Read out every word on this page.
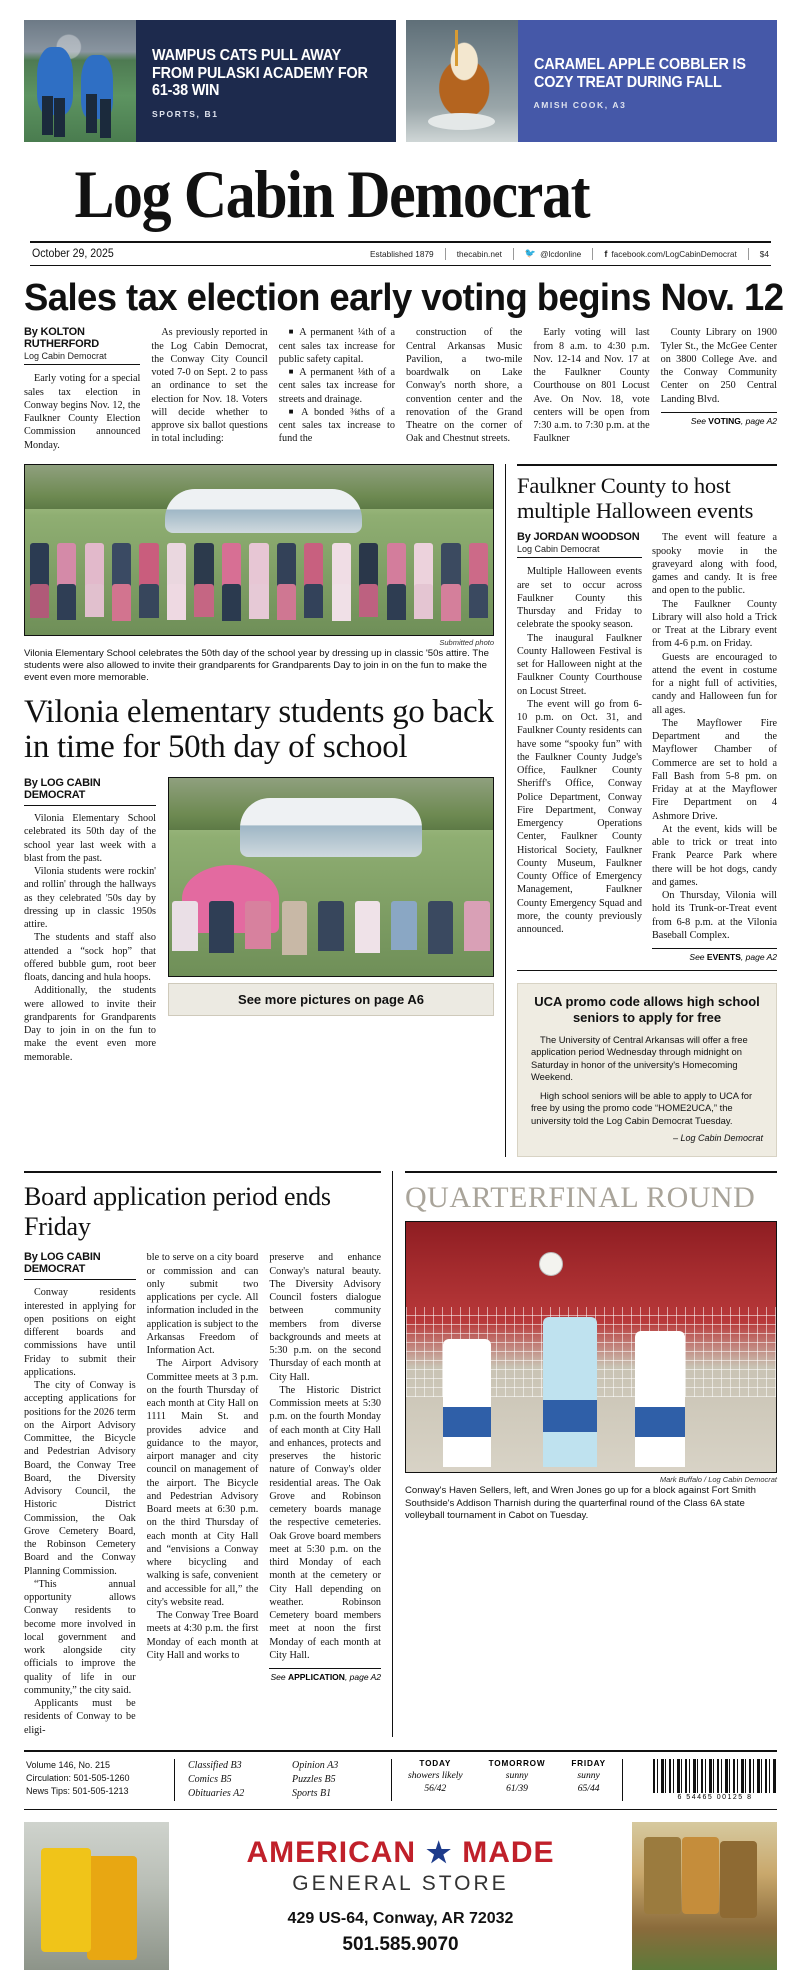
WAMPUS CATS PULL AWAY FROM PULASKI ACADEMY FOR 61-38 WIN
SPORTS, B1
CARAMEL APPLE COBBLER IS COZY TREAT DURING FALL
AMISH COOK, A3
Log Cabin Democrat
October 29, 2025	Established 1879	thecabin.net	🐦 @lcdonline	f facebook.com/LogCabinDemocrat	$4
Sales tax election early voting begins Nov. 12
By KOLTON RUTHERFORD
Log Cabin Democrat

Early voting for a special sales tax election in Conway begins Nov. 12, the Faulkner County Election Commission announced Monday.

As previously reported in the Log Cabin Democrat, the Conway City Council voted 7-0 on Sept. 2 to pass an ordinance to set the election for Nov. 18. Voters will decide whether to approve six ballot questions in total including:

■ A permanent ¼th of a cent sales tax increase for public safety capital.

■ A permanent ⅛th of a cent sales tax increase for streets and drainage.

■ A bonded ⅜ths of a cent sales tax increase to fund the

construction of the Central Arkansas Music Pavilion, a two-mile boardwalk on Lake Conway's north shore, a convention center and the renovation of the Grand Theatre on the corner of Oak and Chestnut streets.

Early voting will last from 8 a.m. to 4:30 p.m. Nov. 12-14 and Nov. 17 at the Faulkner County Courthouse on 801 Locust Ave. On Nov. 18, vote centers will be open from 7:30 a.m. to 7:30 p.m. at the Faulkner

County Library on 1900 Tyler St., the McGee Center on 3800 College Ave. and the Conway Community Center on 250 Central Landing Blvd.

See VOTING, page A2
Submitted photo
Vilonia Elementary School celebrates the 50th day of the school year by dressing up in classic '50s attire. The students were also allowed to invite their grandparents for Grandparents Day to join in on the fun to make the event even more memorable.
Vilonia elementary students go back in time for 50th day of school
By LOG CABIN DEMOCRAT

Vilonia Elementary School celebrated its 50th day of the school year last week with a blast from the past.

Vilonia students were rockin' and rollin' through the hallways as they celebrated '50s day by dressing up in classic 1950s attire.

The students and staff also attended a “sock hop” that offered bubble gum, root beer floats, dancing and hula hoops.

Additionally, the students were allowed to invite their grandparents for Grandparents Day to join in on the fun to make the event even more memorable.

See more pictures on page A6
Faulkner County to host multiple Halloween events
By JORDAN WOODSON
Log Cabin Democrat

Multiple Halloween events are set to occur across Faulkner County this Thursday and Friday to celebrate the spooky season.

The inaugural Faulkner County Halloween Festival is set for Halloween night at the Faulkner County Courthouse on Locust Street.

The event will go from 6-10 p.m. on Oct. 31, and Faulkner County residents can have some “spooky fun” with the Faulkner County Judge's Office, Faulkner County Sheriff's Office, Conway Police Department, Conway Fire Department, Conway Emergency Operations Center, Faulkner County Historical Society, Faulkner County Museum, Faulkner County Office of Emergency Management, Faulkner County Emergency Squad and more, the county previously announced.

The event will feature a spooky movie in the graveyard along with food, games and candy. It is free and open to the public.

The Faulkner County Library will also hold a Trick or Treat at the Library event from 4-6 p.m. on Friday.

Guests are encouraged to attend the event in costume for a night full of activities, candy and Halloween fun for all ages.

The Mayflower Fire Department and the Mayflower Chamber of Commerce are set to hold a Fall Bash from 5-8 pm. on Friday at at the Mayflower Fire Department on 4 Ashmore Drive.

At the event, kids will be able to trick or treat into Frank Pearce Park where there will be hot dogs, candy and games.

On Thursday, Vilonia will hold its Trunk-or-Treat event from 6-8 p.m. at the Vilonia Baseball Complex.

See EVENTS, page A2
UCA promo code allows high school seniors to apply for free

The University of Central Arkansas will offer a free application period Wednesday through midnight on Saturday in honor of the university's Homecoming Weekend.

High school seniors will be able to apply to UCA for free by using the promo code “HOME2UCA,” the university told the Log Cabin Democrat Tuesday.

– Log Cabin Democrat

Board application period ends Friday
By LOG CABIN DEMOCRAT

Conway residents interested in applying for open positions on eight different boards and commissions have until Friday to submit their applications.

The city of Conway is accepting applications for positions for the 2026 term on the Airport Advisory Committee, the Bicycle and Pedestrian Advisory Board, the Conway Tree Board, the Diversity Advisory Council, the Historic District Commission, the Oak Grove Cemetery Board, the Robinson Cemetery Board and the Conway Planning Commission.

“This annual opportunity allows Conway residents to become more involved in local government and work alongside city officials to improve the quality of life in our community,” the city said.

Applicants must be residents of Conway to be eligi-

ble to serve on a city board or commission and can only submit two applications per cycle. All information included in the application is subject to the Arkansas Freedom of Information Act.

The Airport Advisory Committee meets at 3 p.m. on the fourth Thursday of each month at City Hall on 1111 Main St. and provides advice and guidance to the mayor, airport manager and city council on management of the airport. The Bicycle and Pedestrian Advisory Board meets at 6:30 p.m. on the third Thursday of each month at City Hall and “envisions a Conway where bicycling and walking is safe, convenient and accessible for all,” the city's website read.

The Conway Tree Board meets at 4:30 p.m. the first Monday of each month at City Hall and works to

preserve and enhance Conway's natural beauty. The Diversity Advisory Council fosters dialogue between community members from diverse backgrounds and meets at 5:30 p.m. on the second Thursday of each month at City Hall.

The Historic District Commission meets at 5:30 p.m. on the fourth Monday of each month at City Hall and enhances, protects and preserves the historic nature of Conway's older residential areas. The Oak Grove and Robinson cemetery boards manage the respective cemeteries. Oak Grove board members meet at 5:30 p.m. on the third Monday of each month at the cemetery or City Hall depending on weather. Robinson Cemetery board members meet at noon the first Monday of each month at City Hall.

See APPLICATION, page A2
QUARTERFINAL ROUND
Mark Buffalo / Log Cabin Democrat
Conway's Haven Sellers, left, and Wren Jones go up for a block against Fort Smith Southside's Addison Tharnish during the quarterfinal round of the Class 6A state volleyball tournament in Cabot on Tuesday.
Volume 146, No. 215
Circulation: 501-505-1260
News Tips: 501-505-1213
Classified B3
Comics B5
Obituaries A2
Opinion A3
Puzzles B5
Sports B1
TODAY
showers likely
56/42
TOMORROW
sunny
61/39
FRIDAY
sunny
65/44
6 54465 00125 8
AMERICAN ★ MADE
GENERAL STORE
429 US-64, Conway, AR 72032
501.585.9070
